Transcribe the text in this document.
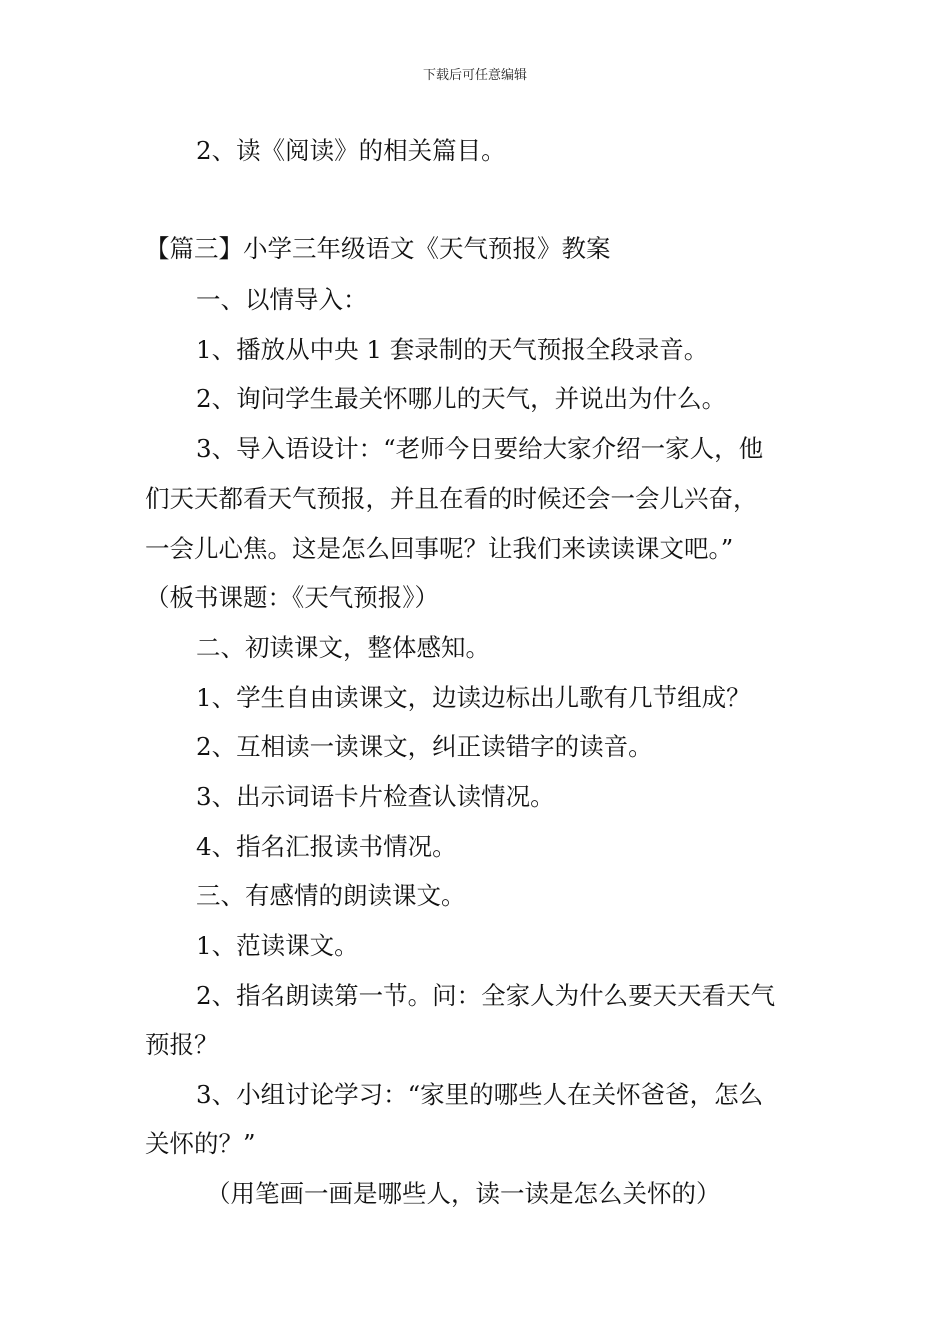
下载后可任意编辑
2、读《阅读》的相关篇目。
【篇三】小学三年级语文《天气预报》教案
一、以情导入：
1、播放从中央 1 套录制的天气预报全段录音。
2、询问学生最关怀哪儿的天气，并说出为什么。
3、导入语设计：“老师今日要给大家介绍一家人，他
们天天都看天气预报，并且在看的时候还会一会儿兴奋，
一会儿心焦。这是怎么回事呢？让我们来读读课文吧。”
（板书课题：《天气预报》）
二、初读课文，整体感知。
1、学生自由读课文，边读边标出儿歌有几节组成？
2、互相读一读课文，纠正读错字的读音。
3、出示词语卡片检查认读情况。
4、指名汇报读书情况。
三、有感情的朗读课文。
1、范读课文。
2、指名朗读第一节。问：全家人为什么要天天看天气
预报？
3、小组讨论学习：“家里的哪些人在关怀爸爸，怎么
关怀的？”
（用笔画一画是哪些人，读一读是怎么关怀的）
